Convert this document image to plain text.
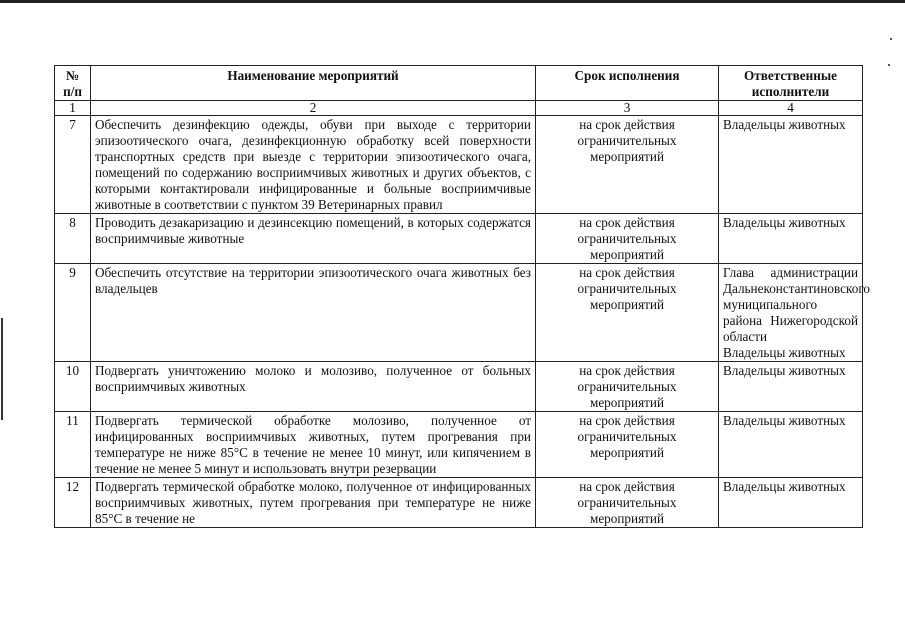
№ п/п	Наименование мероприятий	Срок исполнения	Ответственные исполнители
1	2	3	4
7	Обеспечить дезинфекцию одежды, обуви при выходе с территории эпизоотического очага, дезинфекционную обработку всей поверхности транспортных средств при выезде с территории эпизоотического очага, помещений по содержанию восприимчивых животных и других объектов, с которыми контактировали инфицированные и больные восприимчивые животные в соответствии с пунктом 39 Ветеринарных правил	на срок действия ограничительных мероприятий	Владельцы животных

8	Проводить дезакаризацию и дезинсекцию помещений, в которых содержатся восприимчивые животные	на срок действия ограничительных мероприятий	Владельцы животных

9	Обеспечить отсутствие на территории эпизоотического очага животных без владельцев	на срок действия ограничительных мероприятий	Глава администрации Дальнеконстантиновского муниципального района Нижегородской области
Владельцы животных

10	Подвергать уничтожению молоко и молозиво, полученное от больных восприимчивых животных	на срок действия ограничительных мероприятий	Владельцы животных

11	Подвергать термической обработке молозиво, полученное от инфицированных восприимчивых животных, путем прогревания при температуре не ниже 85°С в течение не менее 10 минут, или кипячением в течение не менее 5 минут и использовать внутри резервации	на срок действия ограничительных мероприятий	Владельцы животных

12	Подвергать термической обработке молоко, полученное от инфицированных восприимчивых животных, путем прогревания при температуре не ниже 85°С в течение не	на срок действия ограничительных мероприятий	Владельцы животных
